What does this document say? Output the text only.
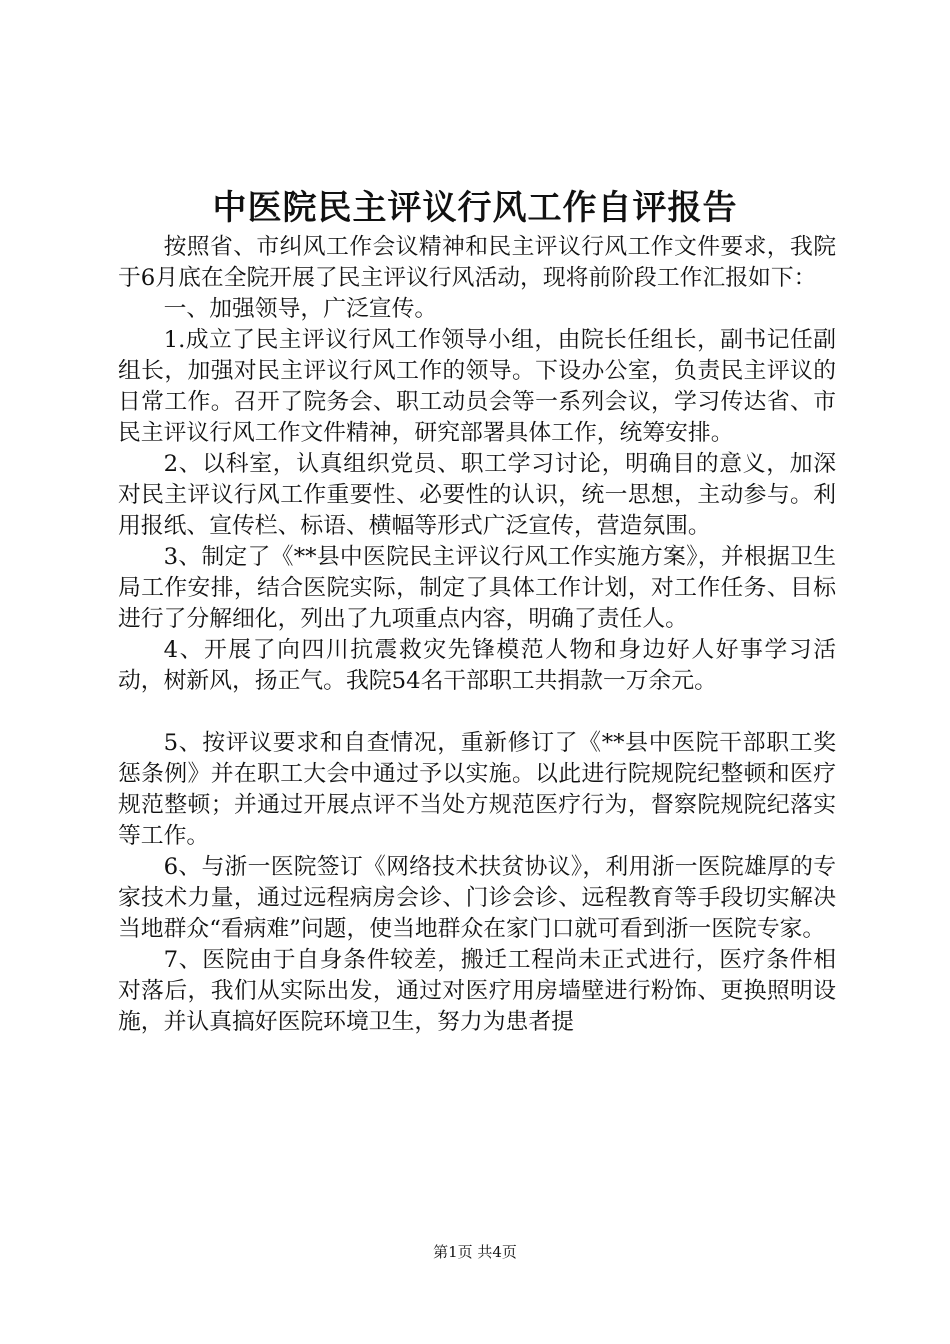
中医院民主评议行风工作自评报告

按照省、市纠风工作会议精神和民主评议行风工作文件要求，我院于6月底在全院开展了民主评议行风活动，现将前阶段工作汇报如下：

一、加强领导，广泛宣传。

1.成立了民主评议行风工作领导小组，由院长任组长，副书记任副组长，加强对民主评议行风工作的领导。下设办公室，负责民主评议的日常工作。召开了院务会、职工动员会等一系列会议，学习传达省、市民主评议行风工作文件精神，研究部署具体工作，统筹安排。

2、以科室，认真组织党员、职工学习讨论，明确目的意义，加深对民主评议行风工作重要性、必要性的认识，统一思想，主动参与。利用报纸、宣传栏、标语、横幅等形式广泛宣传，营造氛围。

3、制定了《**县中医院民主评议行风工作实施方案》，并根据卫生局工作安排，结合医院实际，制定了具体工作计划，对工作任务、目标进行了分解细化，列出了九项重点内容，明确了责任人。

4、开展了向四川抗震救灾先锋模范人物和身边好人好事学习活动，树新风，扬正气。我院54名干部职工共捐款一万余元。

5、按评议要求和自查情况，重新修订了《**县中医院干部职工奖惩条例》并在职工大会中通过予以实施。以此进行院规院纪整顿和医疗规范整顿；并通过开展点评不当处方规范医疗行为，督察院规院纪落实等工作。

6、与浙一医院签订《网络技术扶贫协议》，利用浙一医院雄厚的专家技术力量，通过远程病房会诊、门诊会诊、远程教育等手段切实解决当地群众“看病难”问题，使当地群众在家门口就可看到浙一医院专家。

7、医院由于自身条件较差，搬迁工程尚未正式进行，医疗条件相对落后，我们从实际出发，通过对医疗用房墙壁进行粉饰、更换照明设施，并认真搞好医院环境卫生，努力为患者提

第1页 共4页
